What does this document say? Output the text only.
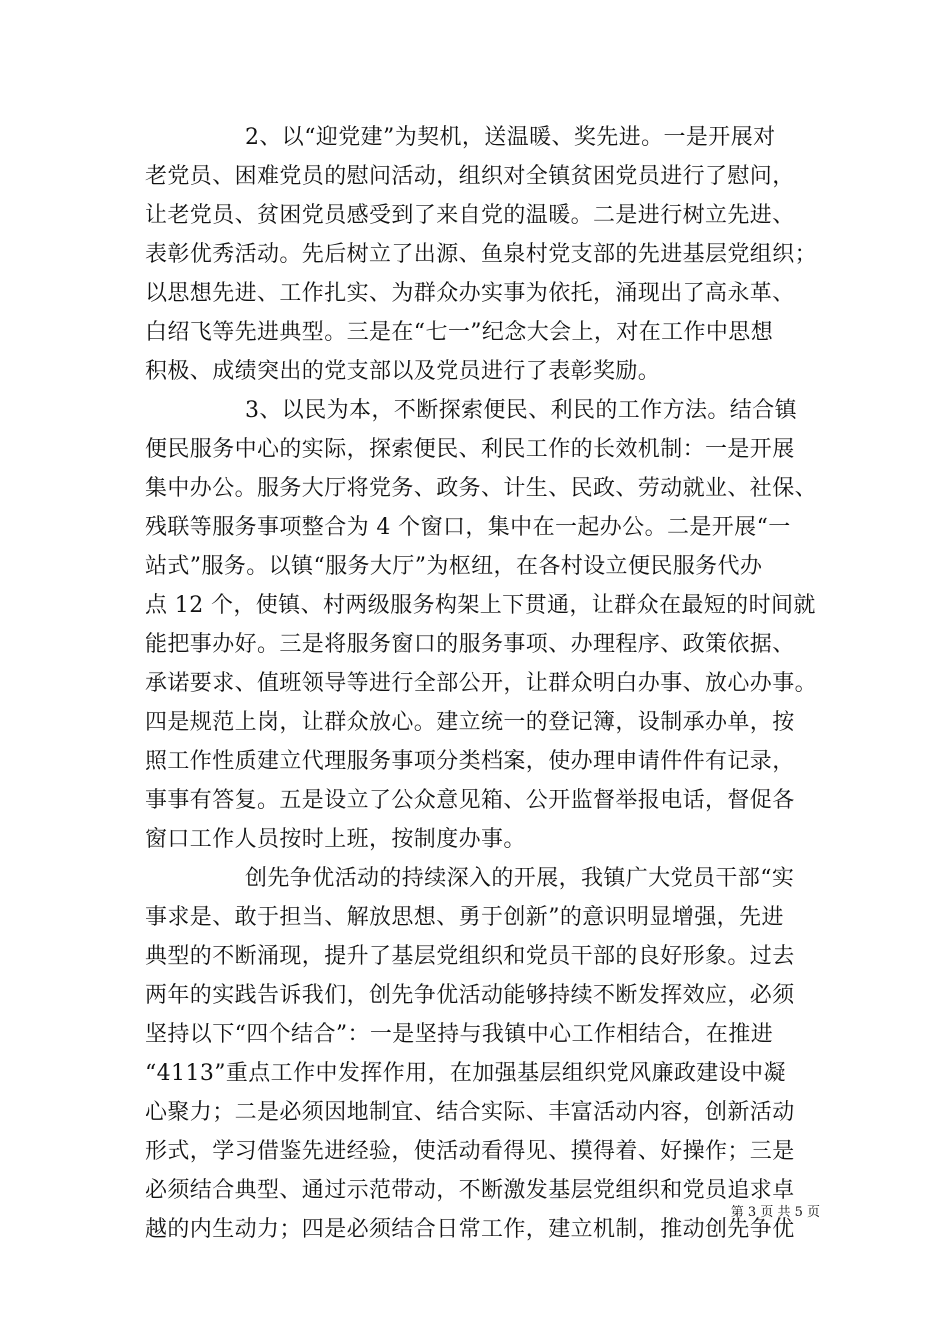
2、以“迎党建”为契机，送温暖、奖先进。一是开展对
老党员、困难党员的慰问活动，组织对全镇贫困党员进行了慰问，
让老党员、贫困党员感受到了来自党的温暖。二是进行树立先进、
表彰优秀活动。先后树立了出源、鱼泉村党支部的先进基层党组织；
以思想先进、工作扎实、为群众办实事为依托，涌现出了高永革、
白绍飞等先进典型。三是在“七一”纪念大会上，对在工作中思想
积极、成绩突出的党支部以及党员进行了表彰奖励。
3、以民为本，不断探索便民、利民的工作方法。结合镇
便民服务中心的实际，探索便民、利民工作的长效机制：一是开展
集中办公。服务大厅将党务、政务、计生、民政、劳动就业、社保、
残联等服务事项整合为 4 个窗口，集中在一起办公。二是开展“一
站式”服务。以镇“服务大厅”为枢纽，在各村设立便民服务代办
点 12 个，使镇、村两级服务构架上下贯通，让群众在最短的时间就
能把事办好。三是将服务窗口的服务事项、办理程序、政策依据、
承诺要求、值班领导等进行全部公开，让群众明白办事、放心办事。
四是规范上岗，让群众放心。建立统一的登记簿，设制承办单，按
照工作性质建立代理服务事项分类档案，使办理申请件件有记录，
事事有答复。五是设立了公众意见箱、公开监督举报电话，督促各
窗口工作人员按时上班，按制度办事。
创先争优活动的持续深入的开展，我镇广大党员干部“实
事求是、敢于担当、解放思想、勇于创新”的意识明显增强，先进
典型的不断涌现，提升了基层党组织和党员干部的良好形象。过去
两年的实践告诉我们，创先争优活动能够持续不断发挥效应，必须
坚持以下“四个结合”：一是坚持与我镇中心工作相结合，在推进
“4113”重点工作中发挥作用，在加强基层组织党风廉政建设中凝
心聚力；二是必须因地制宜、结合实际、丰富活动内容，创新活动
形式，学习借鉴先进经验，使活动看得见、摸得着、好操作；三是
必须结合典型、通过示范带动，不断激发基层党组织和党员追求卓
越的内生动力；四是必须结合日常工作，建立机制，推动创先争优
第 3 页 共 5 页
